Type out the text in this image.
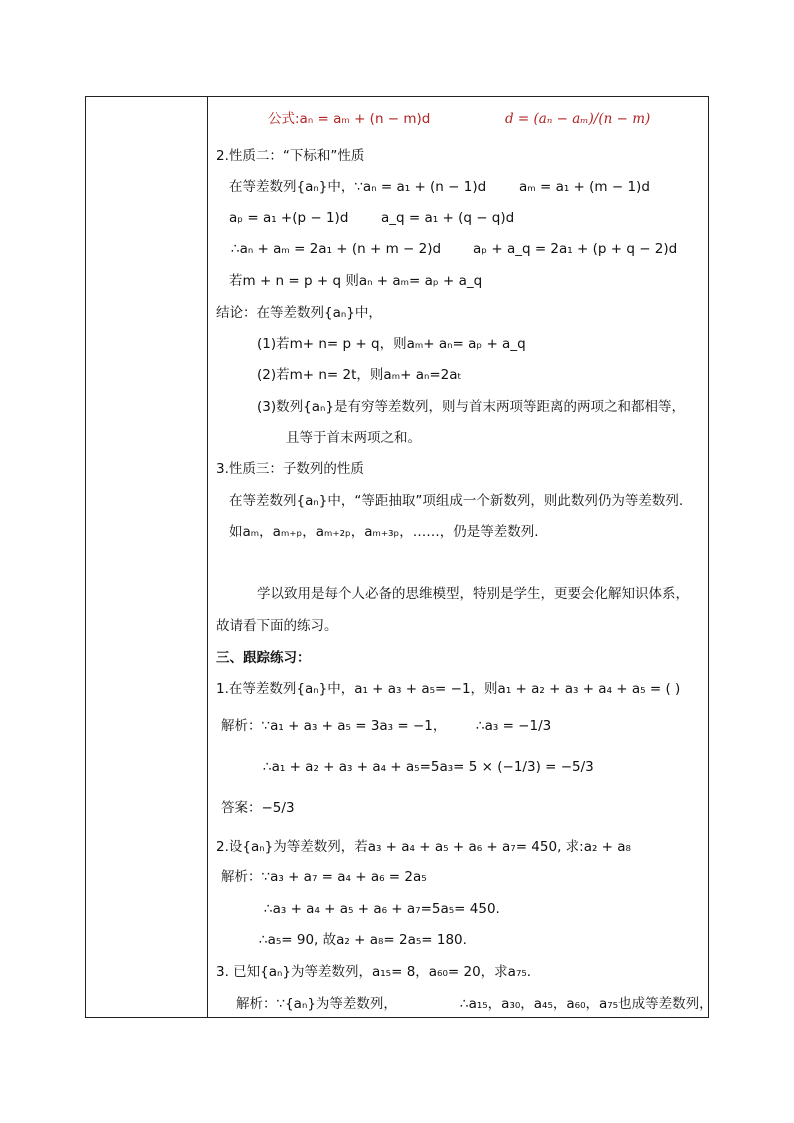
公式:aₙ = aₘ + (n − m)d	d = (aₙ − aₘ)/(n − m)
2.性质二：“下标和”性质
在等差数列{aₙ}中，∵aₙ = a₁ + (n − 1)d aₘ = a₁ + (m − 1)d
aₚ = a₁ +(p − 1)d a_q = a₁ + (q − q)d
∴aₙ + aₘ = 2a₁ + (n + m − 2)d aₚ + a_q = 2a₁ + (p + q − 2)d
若m + n = p + q 则aₙ + aₘ= aₚ + a_q
结论：在等差数列{aₙ}中，
(1)若m+ n= p + q，则aₘ+ aₙ= aₚ + a_q
(2)若m+ n= 2t，则aₘ+ aₙ=2aₜ
(3)数列{aₙ}是有穷等差数列，则与首末两项等距离的两项之和都相等，
且等于首末两项之和。
3.性质三：子数列的性质
在等差数列{aₙ}中，“等距抽取”项组成一个新数列，则此数列仍为等差数列.
如aₘ，aₘ₊ₚ，aₘ₊₂ₚ，aₘ₊₃ₚ，……，仍是等差数列.
学以致用是每个人必备的思维模型，特别是学生，更要会化解知识体系，
故请看下面的练习。
三、跟踪练习：
1.在等差数列{aₙ}中，a₁ + a₃ + a₅= −1，则a₁ + a₂ + a₃ + a₄ + a₅ = ( )
解析：∵a₁ + a₃ + a₅ = 3a₃ = −1， ∴a₃ = −1/3
∴a₁ + a₂ + a₃ + a₄ + a₅=5a₃= 5 × (−1/3) = −5/3
答案：−5/3
2.设{aₙ}为等差数列，若a₃ + a₄ + a₅ + a₆ + a₇= 450, 求:a₂ + a₈
解析：∵a₃ + a₇ = a₄ + a₆ = 2a₅
∴a₃ + a₄ + a₅ + a₆ + a₇=5a₅= 450.
∴a₅= 90, 故a₂ + a₈= 2a₅= 180.
3. 已知{aₙ}为等差数列，a₁₅= 8，a₆₀= 20，求a₇₅.
解析：∵{aₙ}为等差数列，	∴a₁₅，a₃₀，a₄₅，a₆₀，a₇₅也成等差数列，
